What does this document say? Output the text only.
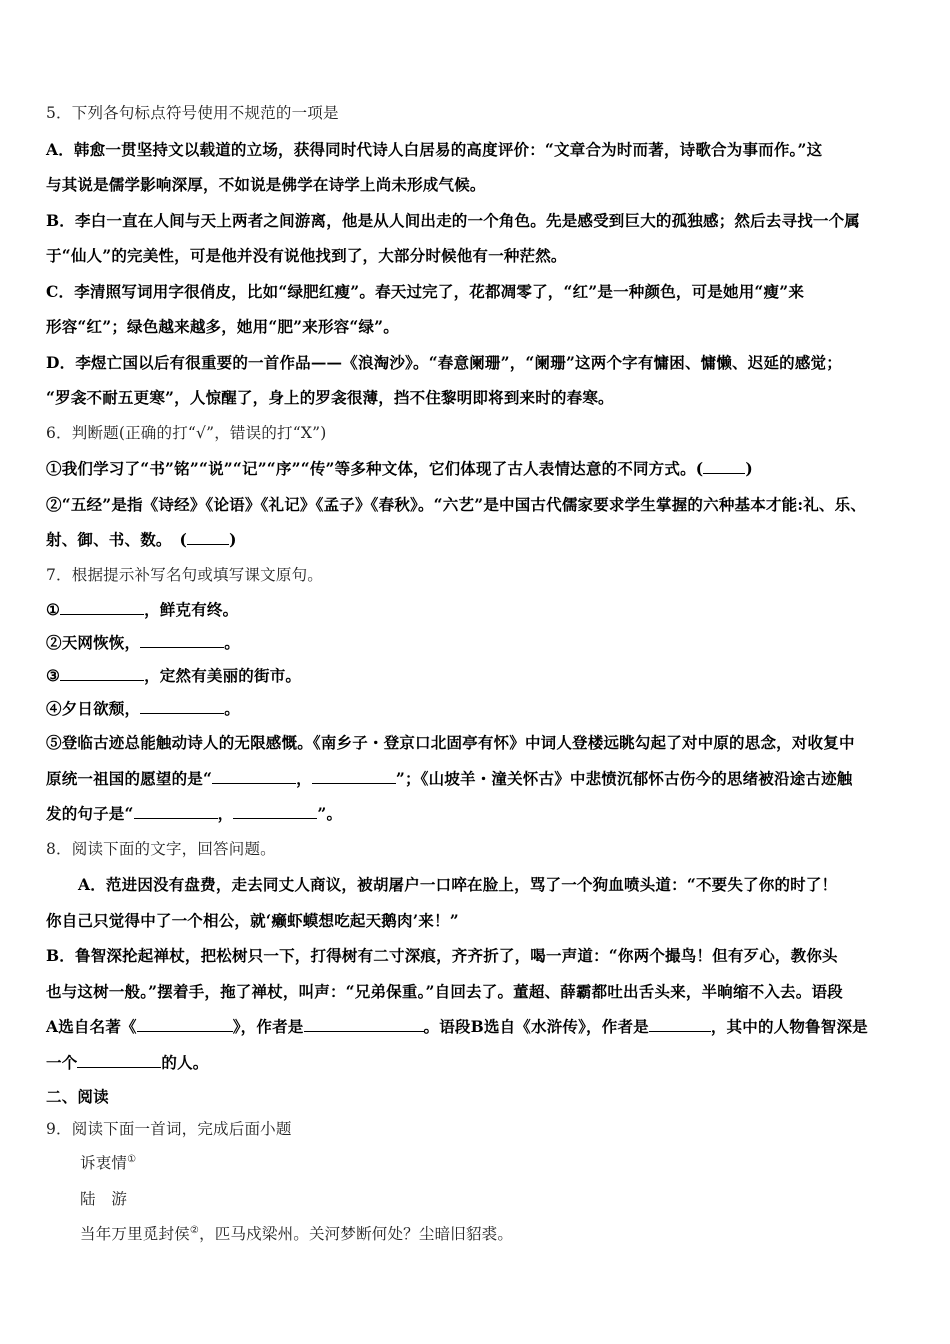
5．下列各句标点符号使用不规范的一项是
A．韩愈一贯坚持文以载道的立场，获得同时代诗人白居易的高度评价：“文章合为时而著，诗歌合为事而作。”这
与其说是儒学影响深厚，不如说是佛学在诗学上尚未形成气候。
B．李白一直在人间与天上两者之间游离，他是从人间出走的一个角色。先是感受到巨大的孤独感；然后去寻找一个属
于“仙人”的完美性，可是他并没有说他找到了，大部分时候他有一种茫然。
C．李清照写词用字很俏皮，比如“绿肥红瘦”。春天过完了，花都凋零了，“红”是一种颜色，可是她用“瘦”来
形容“红”；绿色越来越多，她用“肥”来形容“绿”。
D．李煜亡国以后有很重要的一首作品——《浪淘沙》。“春意阑珊”，“阑珊”这两个字有慵困、慵懒、迟延的感觉；
“罗衾不耐五更寒”，人惊醒了，身上的罗衾很薄，挡不住黎明即将到来时的春寒。
6．判断题(正确的打“√”，错误的打“X”)
①我们学习了“书”铭”“说”“记”“序”“传”等多种文体，它们体现了古人表情达意的不同方式。(	)
②“五经”是指《诗经》《论语》《礼记》《孟子》《春秋》。“六艺”是中国古代儒家要求学生掌握的六种基本才能:礼、乐、
射、御、书、数。　(	)
7．根据提示补写名句或填写课文原句。
①	，鲜克有终。
②天网恢恢，	。
③	，定然有美丽的街市。
④夕日欲颓，	。
⑤登临古迹总能触动诗人的无限感慨。《南乡子・登京口北固亭有怀》中词人登楼远眺勾起了对中原的思念，对收复中
原统一祖国的愿望的是“	，	”；《山坡羊・潼关怀古》中悲愤沉郁怀古伤今的思绪被沿途古迹触
发的句子是“	，	”。
8．阅读下面的文字，回答问题。
A．范进因没有盘费，走去同丈人商议，被胡屠户一口啐在脸上，骂了一个狗血喷头道：“不要失了你的时了！
你自己只觉得中了一个相公，就‘癞虾蟆想吃起天鹅肉’来！”
B．鲁智深抡起禅杖，把松树只一下，打得树有二寸深痕，齐齐折了，喝一声道：“你两个撮鸟！但有歹心，教你头
也与这树一般。”摆着手，拖了禅杖，叫声：“兄弟保重。”自回去了。董超、薛霸都吐出舌头来，半晌缩不入去。语段
A选自名著《	》，作者是	。语段B选自《水浒传》，作者是	，其中的人物鲁智深是
一个	的人。
二、阅读
9．阅读下面一首词，完成后面小题
诉衷情①
陆　游
当年万里觅封侯②，匹马戍梁州。关河梦断何处？尘暗旧貂裘。
